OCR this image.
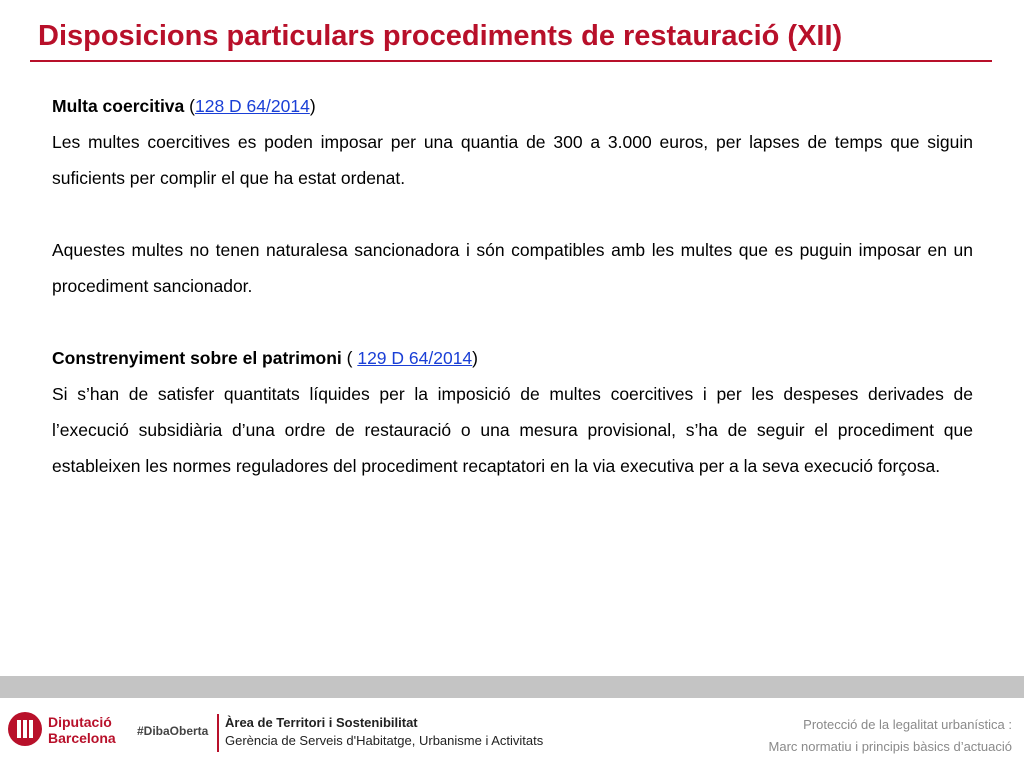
Disposicions particulars procediments de restauració (XII)

Multa coercitiva (128 D 64/2014)

Les multes coercitives es poden imposar per una quantia de 300 a 3.000 euros, per lapses de temps que siguin suficients per complir el que ha estat ordenat.

Aquestes multes no tenen naturalesa sancionadora i són compatibles amb les multes que es puguin imposar en un procediment sancionador.

Constrenyiment sobre el patrimoni ( 129 D 64/2014)

Si s’han de satisfer quantitats líquides per la imposició de multes coercitives i per les despeses derivades de l’execució subsidiària d’una ordre de restauració o una mesura provisional, s’ha de seguir el procediment que estableixen les normes reguladores del procediment recaptatori en la via executiva per a la seva execució forçosa.

Diputació
Barcelona #DibaOberta
Àrea de Territori i Sostenibilitat
Gerència de Serveis d'Habitatge, Urbanisme i Activitats
Protecció de la legalitat urbanística :
Marc normatiu i principis bàsics d’actuació
